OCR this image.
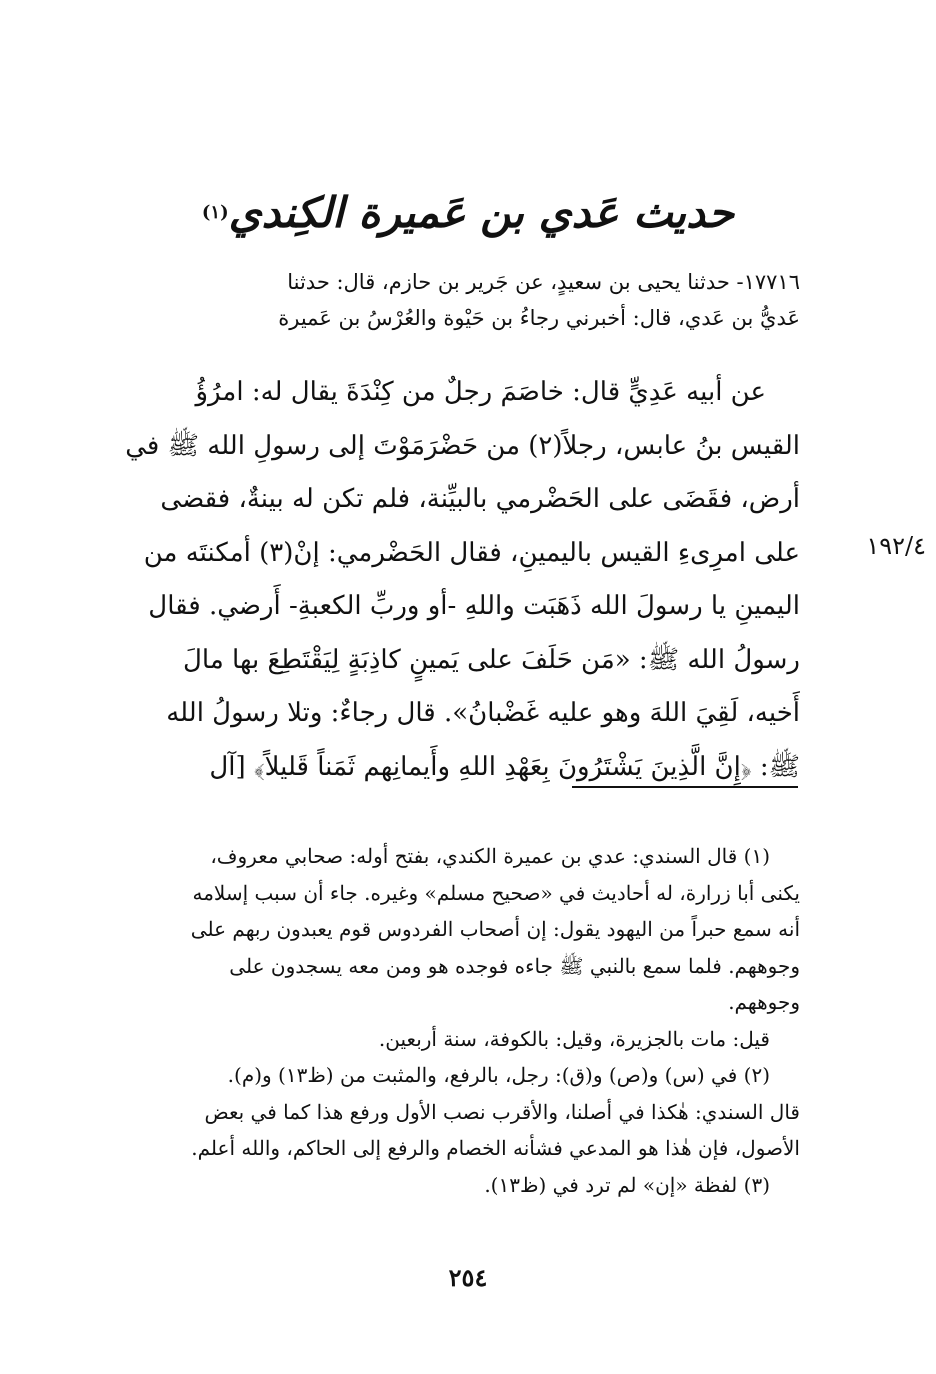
حديث عَدي بن عَميرة الكِندي$^{(١)}$

١٧٧١٦- حدثنا يحيى بن سعيدٍ، عن جَرير بن حازم، قال: حدثنا

عَديُّ بن عَدي، قال: أخبرني رجاءُ بن حَيْوة والعُرْسُ بن عَميرة

عن أبيه عَدِيٍّ قال: خاصَمَ رجلٌ من كِنْدَةَ يقال له: امرُؤُ

القيس بنُ عابس، رجلاً(٢) من حَضْرَمَوْتَ إلى رسولِ الله ﷺ في

أرض، فقَضَى على الحَضْرمي بالبيِّنة، فلم تكن له بينةٌ، فقضى

على امرِىءِ القيس باليمينِ، فقال الحَضْرمي: إنْ(٣) أمكنتَه من

اليمينِ يا رسولَ الله ذَهَبَت واللهِ -أو وربِّ الكعبةِ- أَرضي. فقال

رسولُ الله ﷺ: «مَن حَلَفَ على يَمينٍ كاذِبَةٍ لِيَقْتَطِعَ بها مالَ

أَخيه، لَقِيَ اللهَ وهو عليه غَضْبانُ». قال رجاءٌ: وتلا رسولُ الله

ﷺ: ﴿إِنَّ الَّذِينَ يَشْتَرُونَ بِعَهْدِ اللهِ وأَيمانِهم ثَمَناً قَليلاً﴾ [آل

١٩٢/٤

(١) قال السندي: عدي بن عميرة الكندي، بفتح أوله: صحابي معروف،

يكنى أبا زرارة، له أحاديث في «صحيح مسلم» وغيره. جاء أن سبب إسلامه

أنه سمع حبراً من اليهود يقول: إن أصحاب الفردوس قوم يعبدون ربهم على

وجوههم. فلما سمع بالنبي ﷺ جاءه فوجده هو ومن معه يسجدون على

وجوههم.

قيل: مات بالجزيرة، وقيل: بالكوفة، سنة أربعين.

(٢) في (س) و(ص) و(ق): رجل، بالرفع، والمثبت من (ظ١٣) و(م).

قال السندي: هٰكذا في أصلنا، والأقرب نصب الأول ورفع هذا كما في بعض

الأصول، فإن هٰذا هو المدعي فشأنه الخصام والرفع إلى الحاكم، والله أعلم.

(٣) لفظة «إن» لم ترد في (ظ١٣).

٢٥٤
